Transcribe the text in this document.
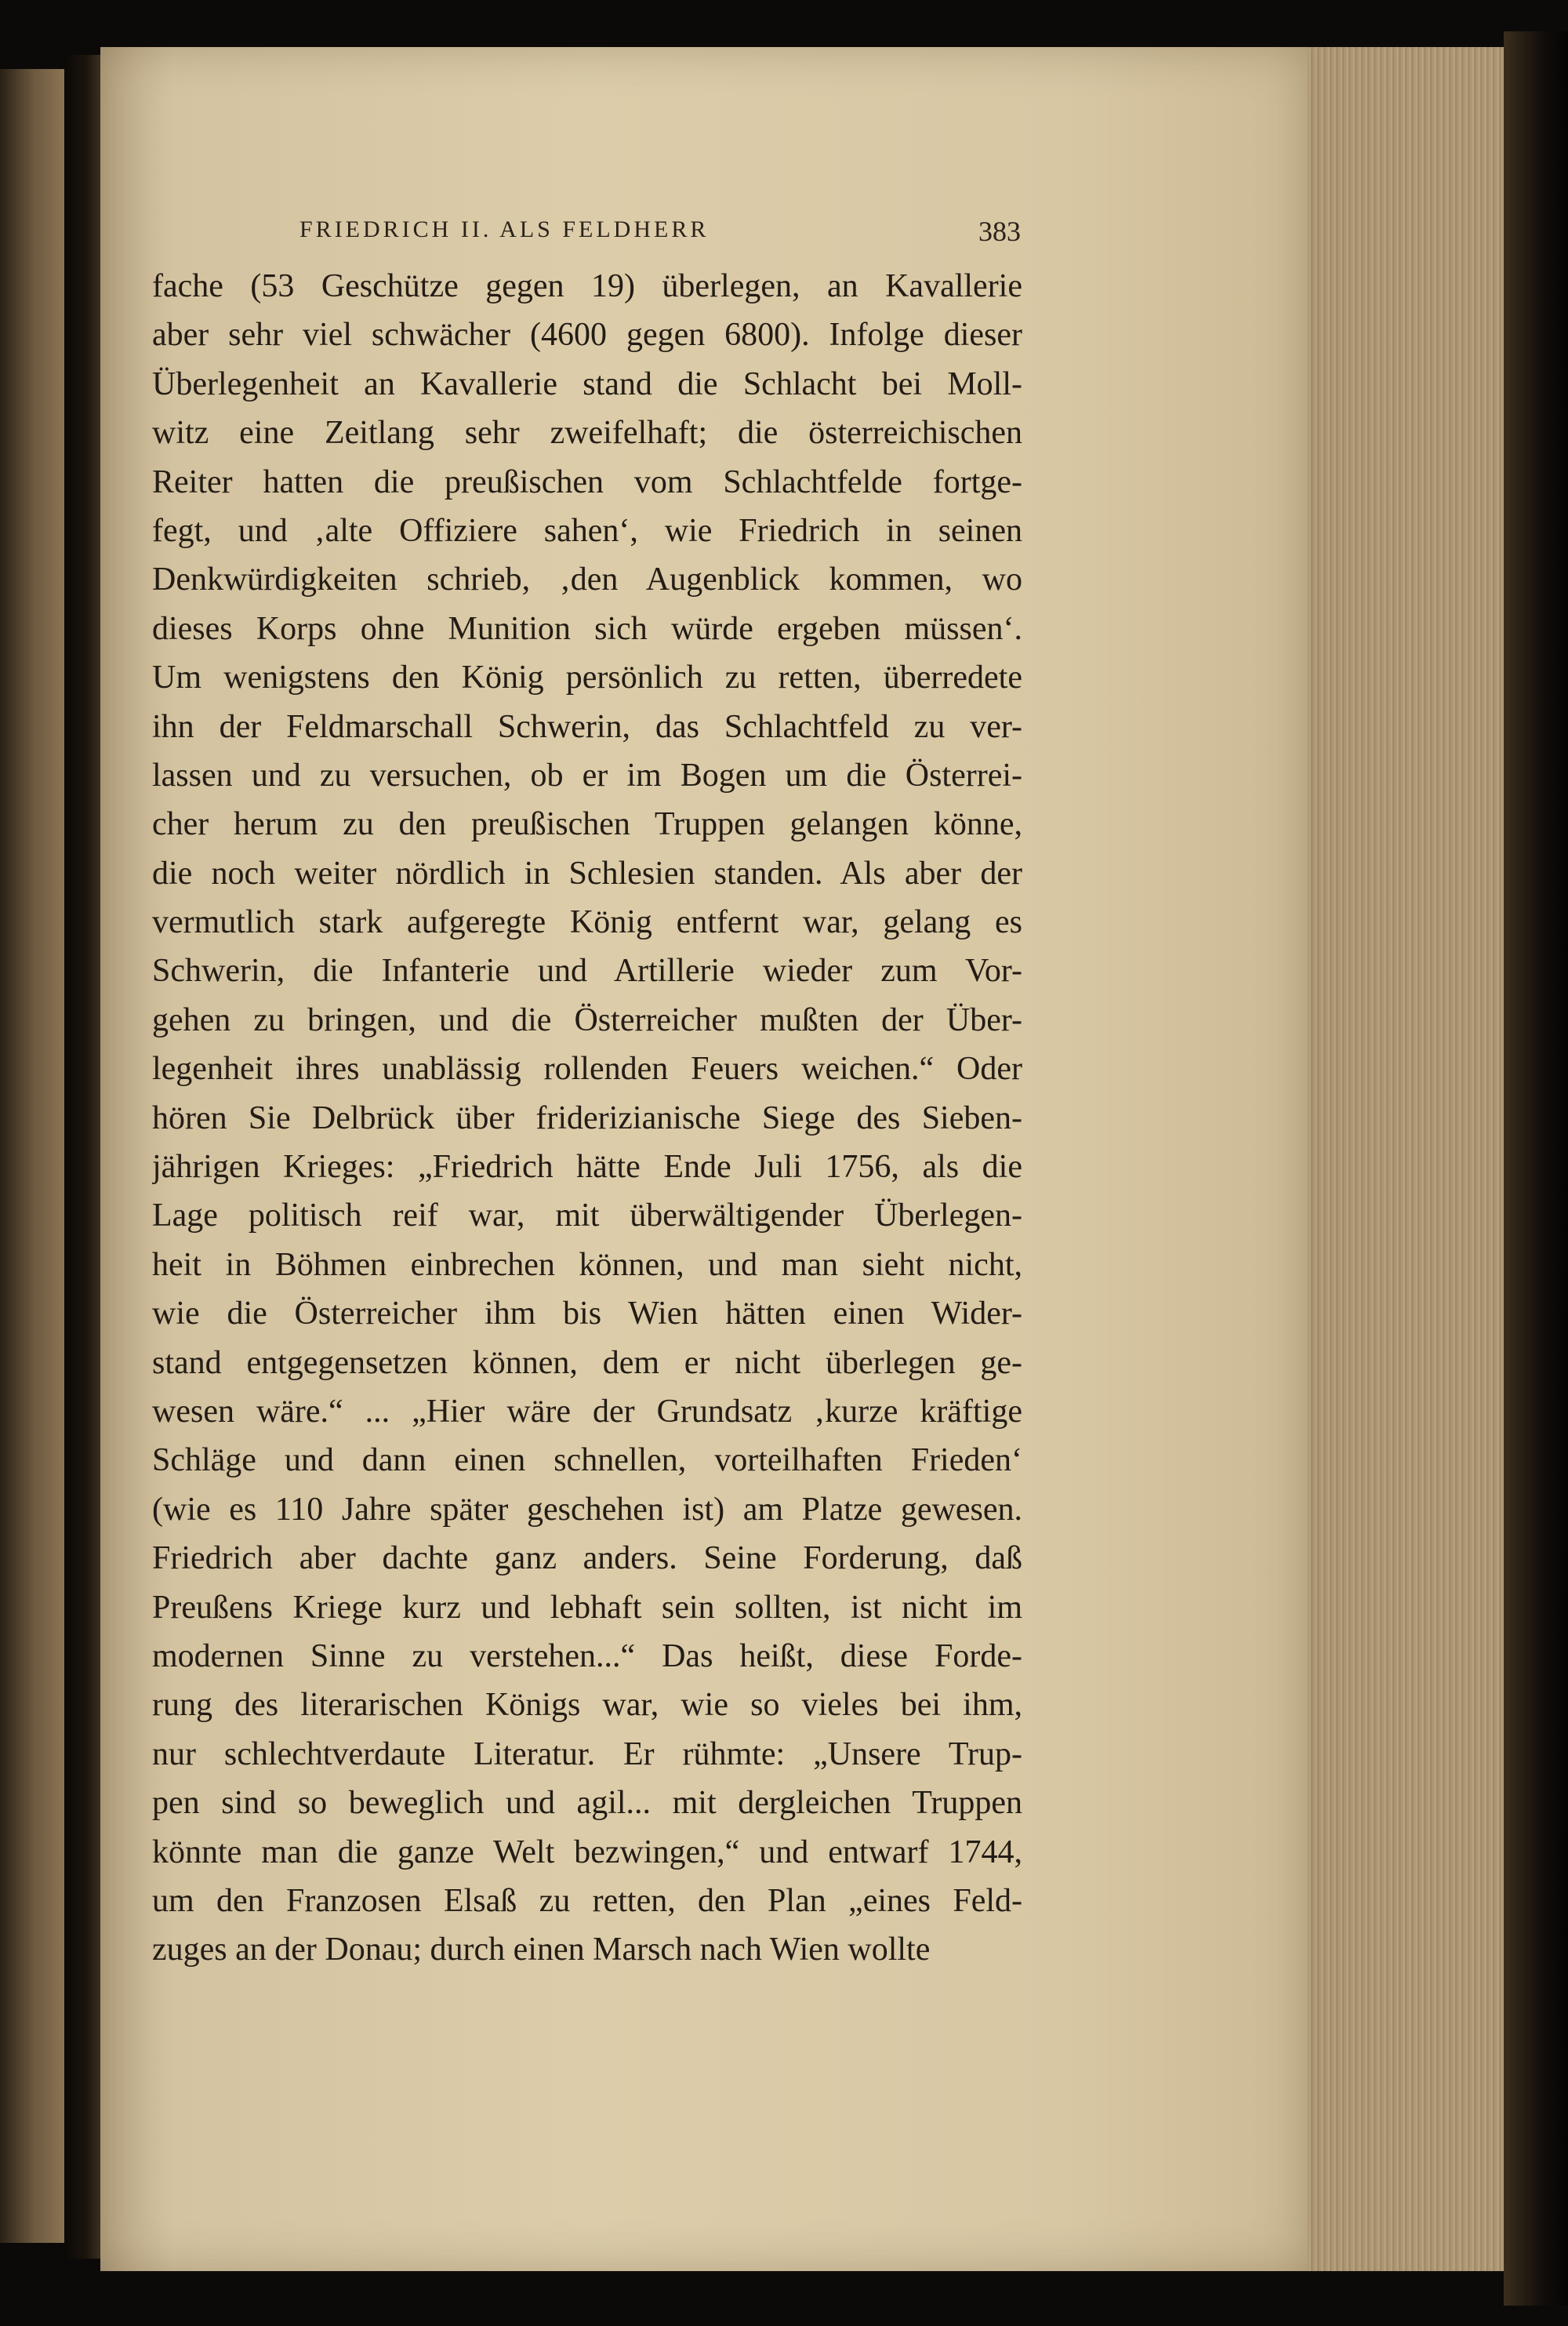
FRIEDRICH II. ALS FELDHERR	383
fache (53 Geschütze gegen 19) überlegen, an Kavallerie
aber sehr viel schwächer (4600 gegen 6800). Infolge dieser
Überlegenheit an Kavallerie stand die Schlacht bei Moll-
witz eine Zeitlang sehr zweifelhaft; die österreichischen
Reiter hatten die preußischen vom Schlachtfelde fortge-
fegt, und ‚alte Offiziere sahen‘, wie Friedrich in seinen
Denkwürdigkeiten schrieb, ‚den Augenblick kommen, wo
dieses Korps ohne Munition sich würde ergeben müssen‘.
Um wenigstens den König persönlich zu retten, überredete
ihn der Feldmarschall Schwerin, das Schlachtfeld zu ver-
lassen und zu versuchen, ob er im Bogen um die Österrei-
cher herum zu den preußischen Truppen gelangen könne,
die noch weiter nördlich in Schlesien standen. Als aber der
vermutlich stark aufgeregte König entfernt war, gelang es
Schwerin, die Infanterie und Artillerie wieder zum Vor-
gehen zu bringen, und die Österreicher mußten der Über-
legenheit ihres unablässig rollenden Feuers weichen.“ Oder
hören Sie Delbrück über friderizianische Siege des Sieben-
jährigen Krieges: „Friedrich hätte Ende Juli 1756, als die
Lage politisch reif war, mit überwältigender Überlegen-
heit in Böhmen einbrechen können, und man sieht nicht,
wie die Österreicher ihm bis Wien hätten einen Wider-
stand entgegensetzen können, dem er nicht überlegen ge-
wesen wäre.“ ... „Hier wäre der Grundsatz ‚kurze kräftige
Schläge und dann einen schnellen, vorteilhaften Frieden‘
(wie es 110 Jahre später geschehen ist) am Platze gewesen.
Friedrich aber dachte ganz anders. Seine Forderung, daß
Preußens Kriege kurz und lebhaft sein sollten, ist nicht im
modernen Sinne zu verstehen...“ Das heißt, diese Forde-
rung des literarischen Königs war, wie so vieles bei ihm,
nur schlechtverdaute Literatur. Er rühmte: „Unsere Trup-
pen sind so beweglich und agil... mit dergleichen Truppen
könnte man die ganze Welt bezwingen,“ und entwarf 1744,
um den Franzosen Elsaß zu retten, den Plan „eines Feld-
zuges an der Donau; durch einen Marsch nach Wien wollte
